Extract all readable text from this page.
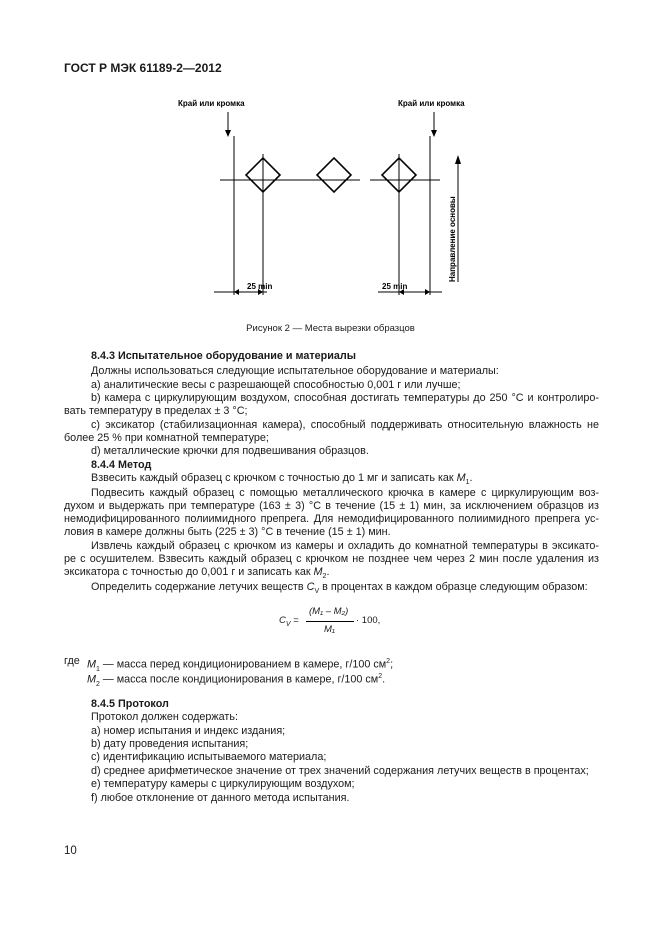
ГОСТ Р МЭК 61189-2—2012
Край или кромка	Край или кромка
25 min	25 min
Направление основы
Рисунок 2 — Места вырезки образцов
8.4.3 Испытательное оборудование и материалы
Должны использоваться следующие испытательное оборудование и материалы:
a) аналитические весы с разрешающей способностью 0,001 г или лучше;
b) камера с циркулирующим воздухом, способная достигать температуры до 250 °С и контролиро-
вать температуру в пределах ± 3 °С;
c) эксикатор (стабилизационная камера), способный поддерживать относительную влажность не
более 25 % при комнатной температуре;
d) металлические крючки для подвешивания образцов.
8.4.4 Метод
Взвесить каждый образец с крючком с точностью до 1 мг и записать как $M_1$.
Подвесить каждый образец с помощью металлического крючка в камере с циркулирующим воз-
духом и выдержать при температуре (163 ± 3) °С в течение (15 ± 1) мин, за исключением образцов из
немодифицированного полиимидного препрега. Для немодифицированного полиимидного препрега ус-
ловия в камере должны быть (225 ± 3) °С в течение (15 ± 1) мин.
Извлечь каждый образец с крючком из камеры и охладить до комнатной температуры в эксикато-
ре с осушителем. Взвесить каждый образец с крючком не позднее чем через 2 мин после удаления из
эксикатора с точностью до 0,001 г и записать как $M_2$.
Определить содержание летучих веществ $C_V$ в процентах в каждом образце следующим образом:
$C_V$ =
(M₁ – M₂)
M₁
· 100,
где $M_1$ — масса перед кондиционированием в камере, г/100 $см^2$;
$M_2$ — масса после кондиционирования в камере, г/100 $см^2$.
8.4.5 Протокол
Протокол должен содержать:
a) номер испытания и индекс издания;
b) дату проведения испытания;
c) идентификацию испытываемого материала;
d) среднее арифметическое значение от трех значений содержания летучих веществ в процентах;
e) температуру камеры с циркулирующим воздухом;
f) любое отклонение от данного метода испытания.
10
